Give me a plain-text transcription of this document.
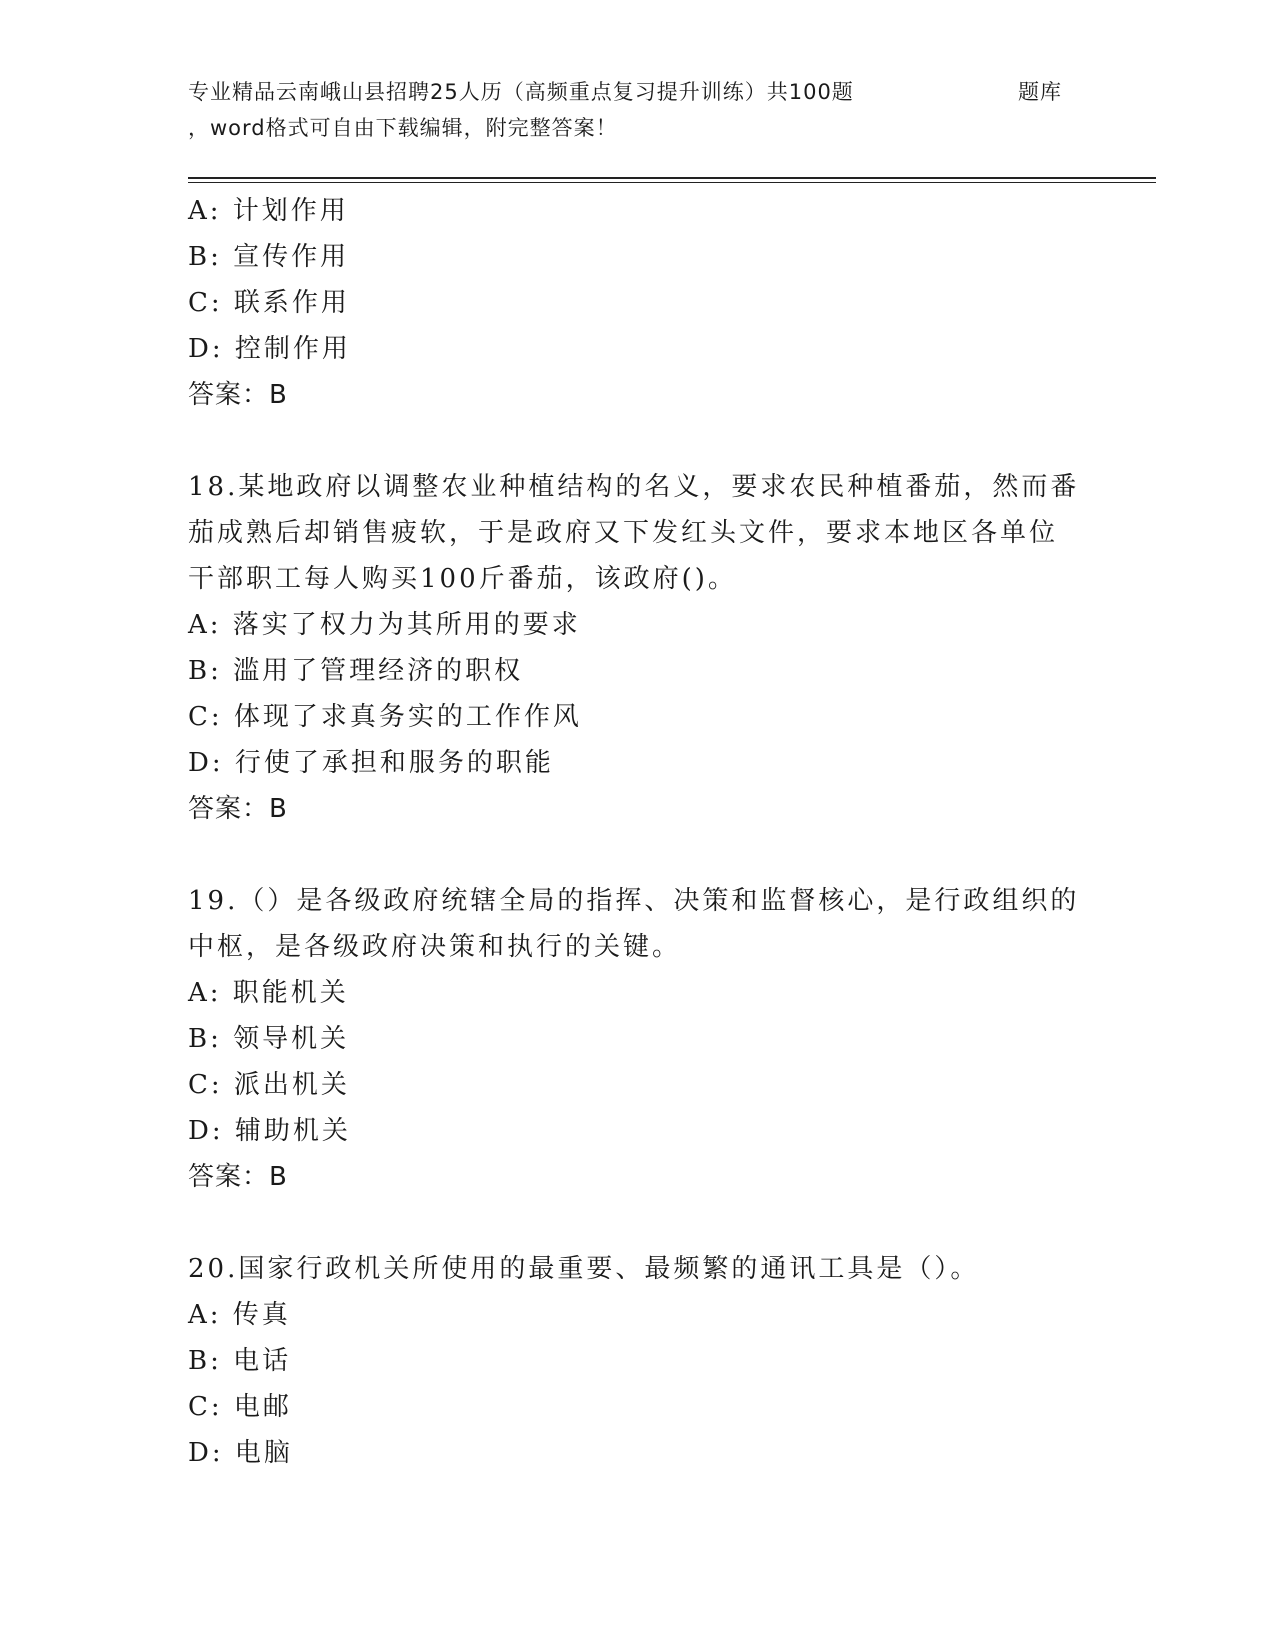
专业精品云南峨山县招聘25人历（高频重点复习提升训练）共100题	题库
，word格式可自由下载编辑，附完整答案！
A: 计划作用
B: 宣传作用
C: 联系作用
D: 控制作用
答案：B
18.某地政府以调整农业种植结构的名义，要求农民种植番茄，然而番
茄成熟后却销售疲软，于是政府又下发红头文件，要求本地区各单位
干部职工每人购买100斤番茄，该政府()。
A: 落实了权力为其所用的要求
B: 滥用了管理经济的职权
C: 体现了求真务实的工作作风
D: 行使了承担和服务的职能
答案：B
19.（）是各级政府统辖全局的指挥、决策和监督核心，是行政组织的
中枢，是各级政府决策和执行的关键。
A: 职能机关
B: 领导机关
C: 派出机关
D: 辅助机关
答案：B
20.国家行政机关所使用的最重要、最频繁的通讯工具是（）。
A: 传真
B: 电话
C: 电邮
D: 电脑
